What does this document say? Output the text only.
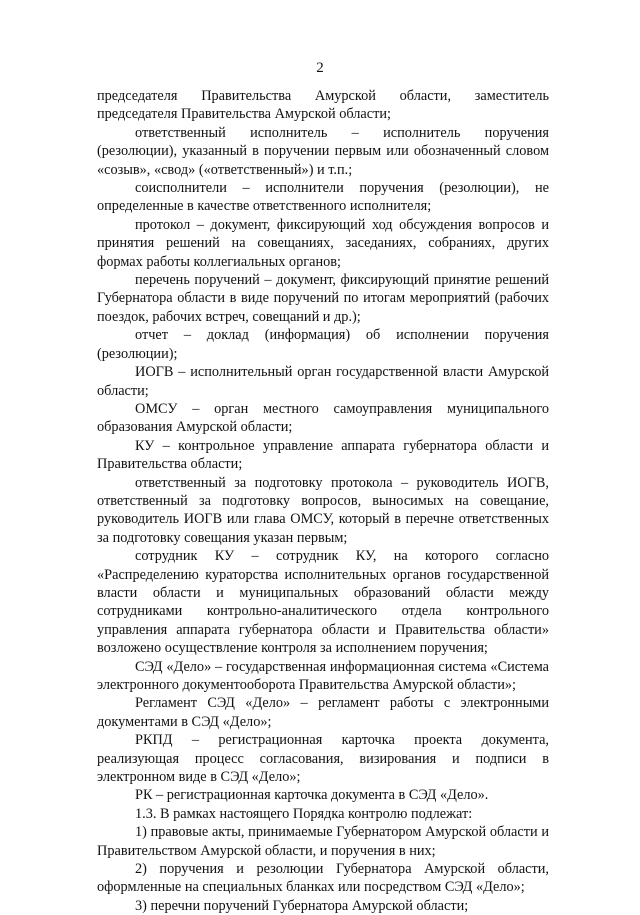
2

председателя Правительства Амурской области, заместитель председателя Правительства Амурской области;

ответственный исполнитель – исполнитель поручения (резолюции), указанный в поручении первым или обозначенный словом «созыв», «свод» («ответственный») и т.п.;

соисполнители – исполнители поручения (резолюции), не определенные в качестве ответственного исполнителя;

протокол – документ, фиксирующий ход обсуждения вопросов и принятия решений на совещаниях, заседаниях, собраниях, других формах работы коллегиальных органов;

перечень поручений – документ, фиксирующий принятие решений Губернатора области в виде поручений по итогам мероприятий (рабочих поездок, рабочих встреч, совещаний и др.);

отчет – доклад (информация) об исполнении поручения (резолюции);

ИОГВ – исполнительный орган государственной власти Амурской области;

ОМСУ – орган местного самоуправления муниципального образования Амурской области;

КУ – контрольное управление аппарата губернатора области и Правительства области;

ответственный за подготовку протокола – руководитель ИОГВ, ответственный за подготовку вопросов, выносимых на совещание, руководитель ИОГВ или глава ОМСУ, который в перечне ответственных за подготовку совещания указан первым;

сотрудник КУ – сотрудник КУ, на которого согласно «Распределению кураторства исполнительных органов государственной власти области и муниципальных образований области между сотрудниками контрольно-аналитического отдела контрольного управления аппарата губернатора области и Правительства области» возложено осуществление контроля за исполнением поручения;

СЭД «Дело» – государственная информационная система «Система электронного документооборота Правительства Амурской области»;

Регламент СЭД «Дело» – регламент работы с электронными документами в СЭД «Дело»;

РКПД – регистрационная карточка проекта документа, реализующая процесс согласования, визирования и подписи в электронном виде в СЭД «Дело»;

РК – регистрационная карточка документа в СЭД «Дело».

1.3. В рамках настоящего Порядка контролю подлежат:

1) правовые акты, принимаемые Губернатором Амурской области и Правительством Амурской области, и поручения в них;

2) поручения и резолюции Губернатора Амурской области, оформленные на специальных бланках или посредством СЭД «Дело»;

3) перечни поручений Губернатора Амурской области;
